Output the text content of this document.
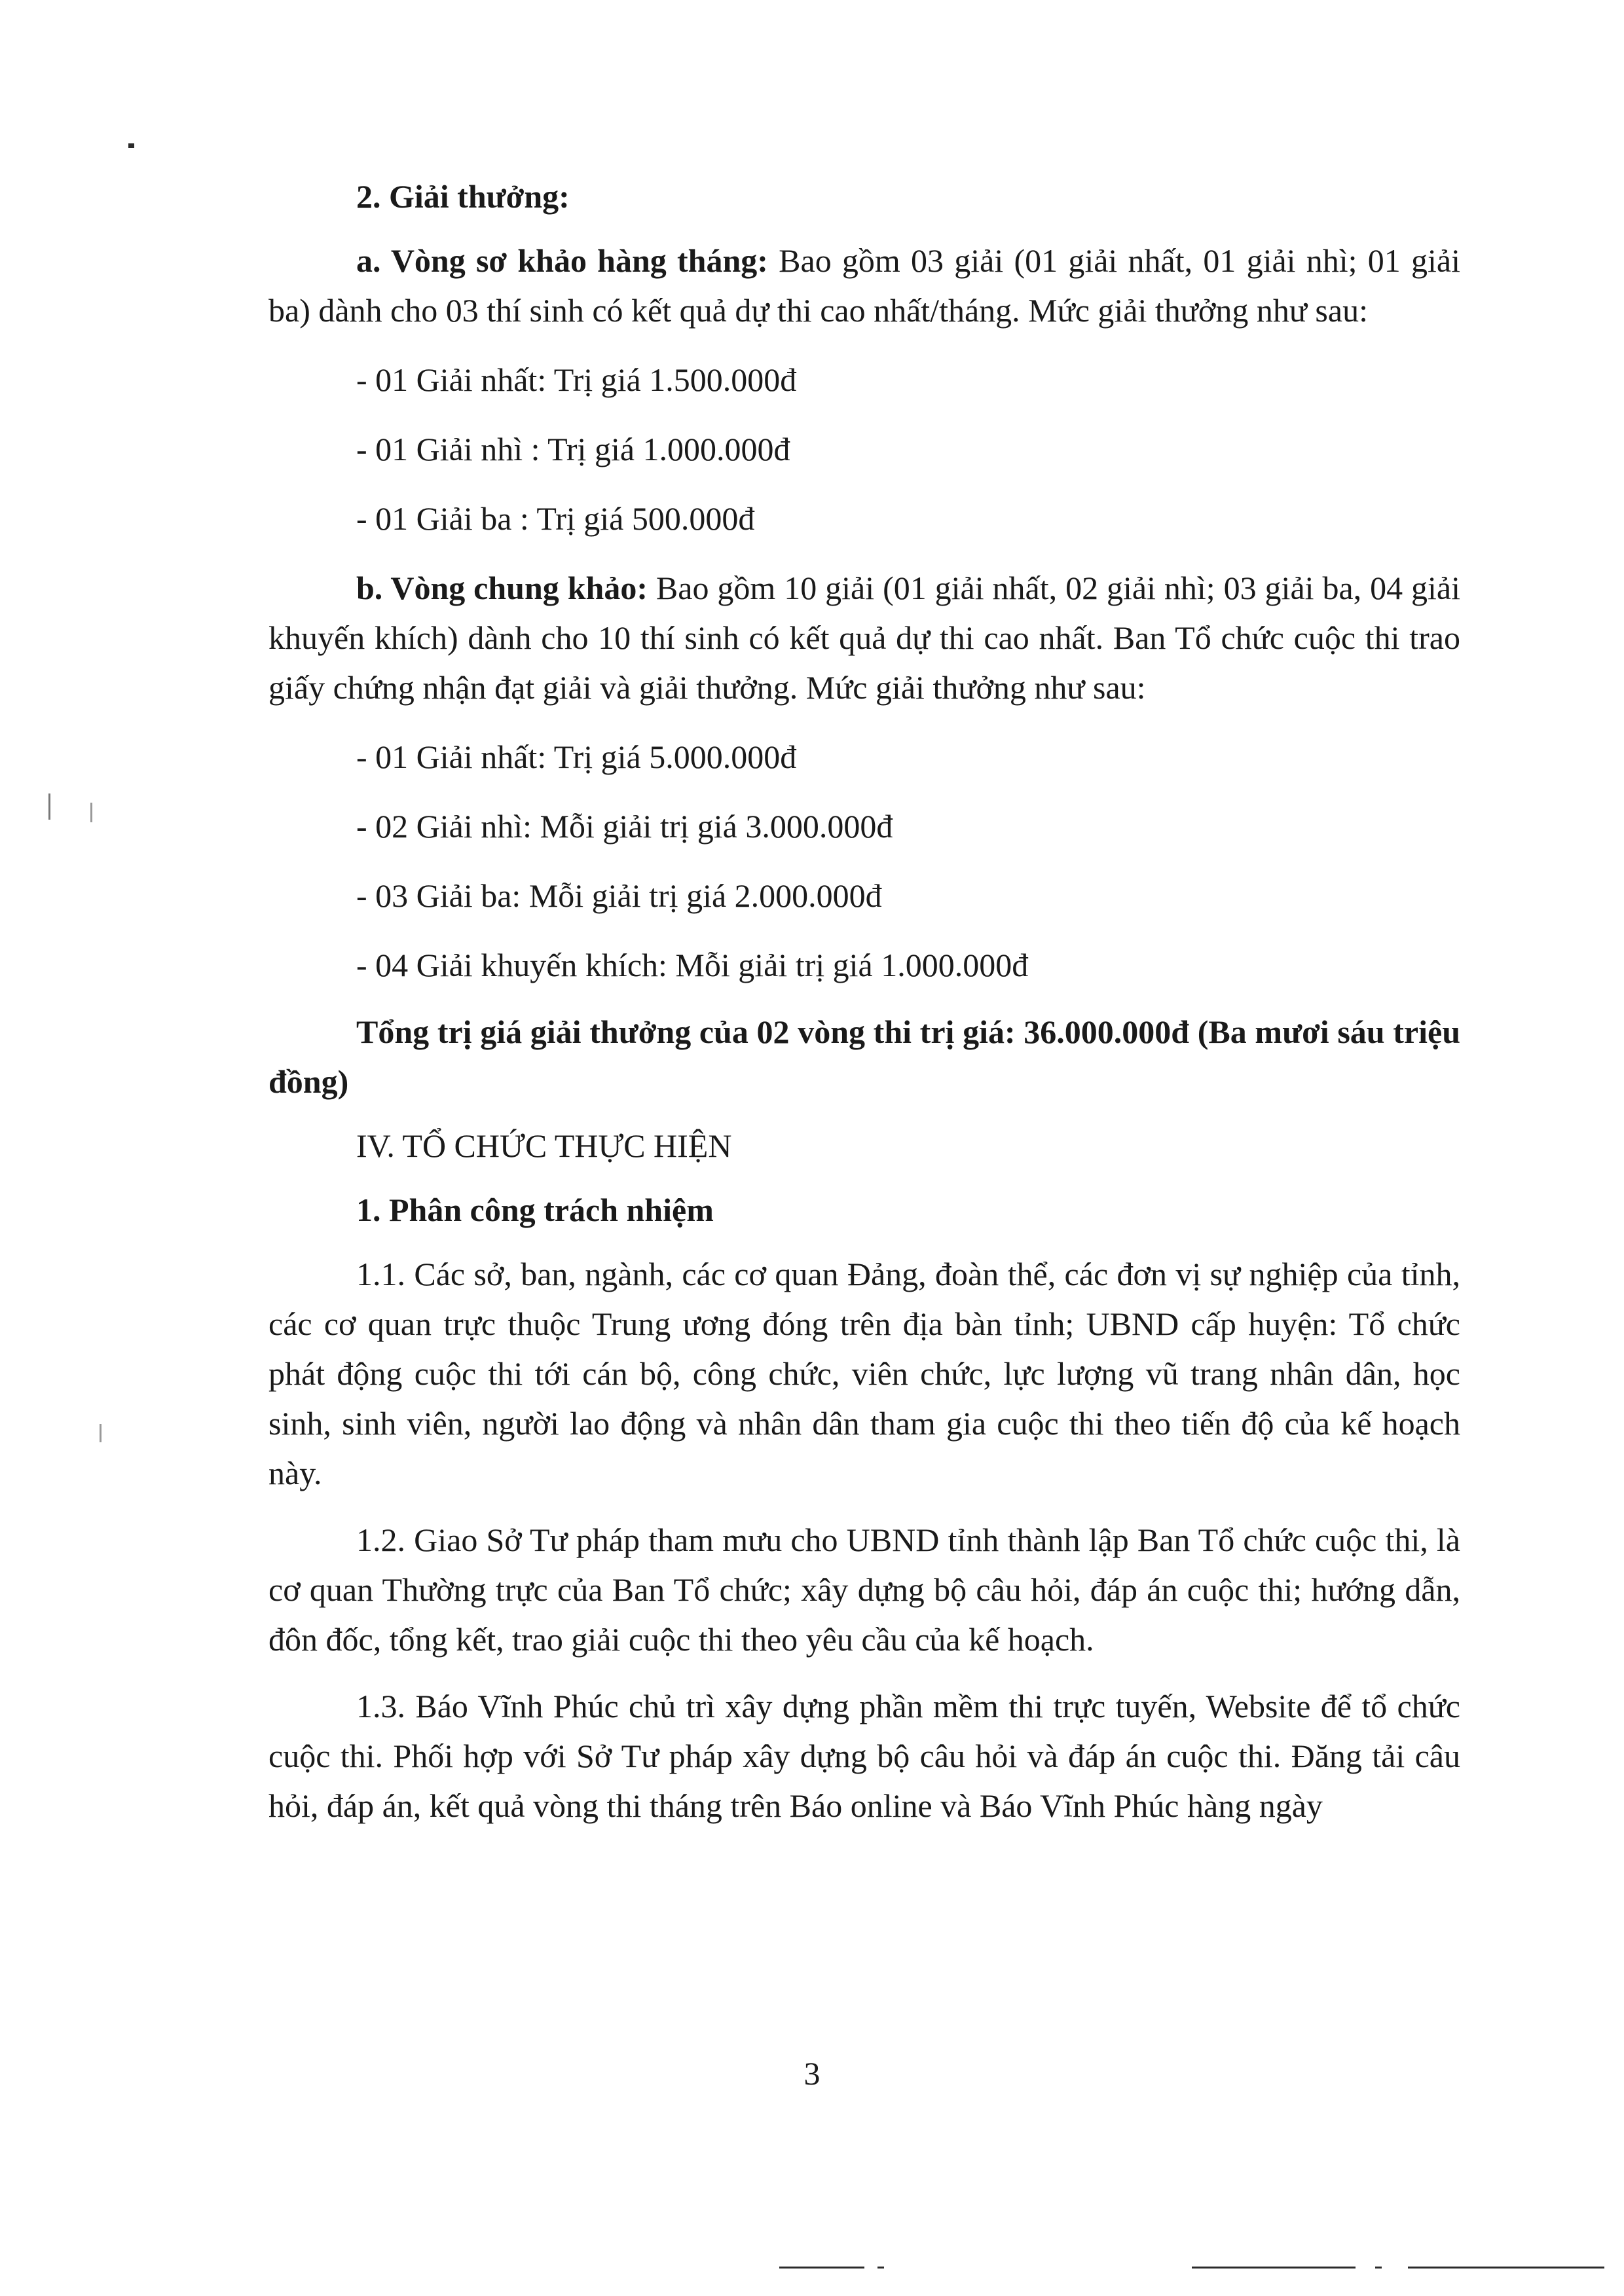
2. Giải thưởng:

a. Vòng sơ khảo hàng tháng: Bao gồm 03 giải (01 giải nhất, 01 giải nhì; 01 giải ba) dành cho 03 thí sinh có kết quả dự thi cao nhất/tháng. Mức giải thưởng như sau:

- 01 Giải nhất: Trị giá 1.500.000đ

- 01 Giải nhì : Trị giá 1.000.000đ

- 01 Giải ba : Trị giá 500.000đ

b. Vòng chung khảo: Bao gồm 10 giải (01 giải nhất, 02 giải nhì; 03 giải ba, 04 giải khuyến khích) dành cho 10 thí sinh có kết quả dự thi cao nhất. Ban Tổ chức cuộc thi trao giấy chứng nhận đạt giải và giải thưởng. Mức giải thưởng như sau:

- 01 Giải nhất: Trị giá 5.000.000đ

- 02 Giải nhì: Mỗi giải trị giá 3.000.000đ

- 03 Giải ba: Mỗi giải trị giá 2.000.000đ

- 04 Giải khuyến khích: Mỗi giải trị giá 1.000.000đ

Tổng trị giá giải thưởng của 02 vòng thi trị giá: 36.000.000đ (Ba mươi sáu triệu đồng)

IV. TỔ CHỨC THỰC HIỆN

1. Phân công trách nhiệm

1.1. Các sở, ban, ngành, các cơ quan Đảng, đoàn thể, các đơn vị sự nghiệp của tỉnh, các cơ quan trực thuộc Trung ương đóng trên địa bàn tỉnh; UBND cấp huyện: Tổ chức phát động cuộc thi tới cán bộ, công chức, viên chức, lực lượng vũ trang nhân dân, học sinh, sinh viên, người lao động và nhân dân tham gia cuộc thi theo tiến độ của kế hoạch này.

1.2. Giao Sở Tư pháp tham mưu cho UBND tỉnh thành lập Ban Tổ chức cuộc thi, là cơ quan Thường trực của Ban Tổ chức; xây dựng bộ câu hỏi, đáp án cuộc thi; hướng dẫn, đôn đốc, tổng kết, trao giải cuộc thi theo yêu cầu của kế hoạch.

1.3. Báo Vĩnh Phúc chủ trì xây dựng phần mềm thi trực tuyến, Website để tổ chức cuộc thi. Phối hợp với Sở Tư pháp xây dựng bộ câu hỏi và đáp án cuộc thi. Đăng tải câu hỏi, đáp án, kết quả vòng thi tháng trên Báo online và Báo Vĩnh Phúc hàng ngày

3
